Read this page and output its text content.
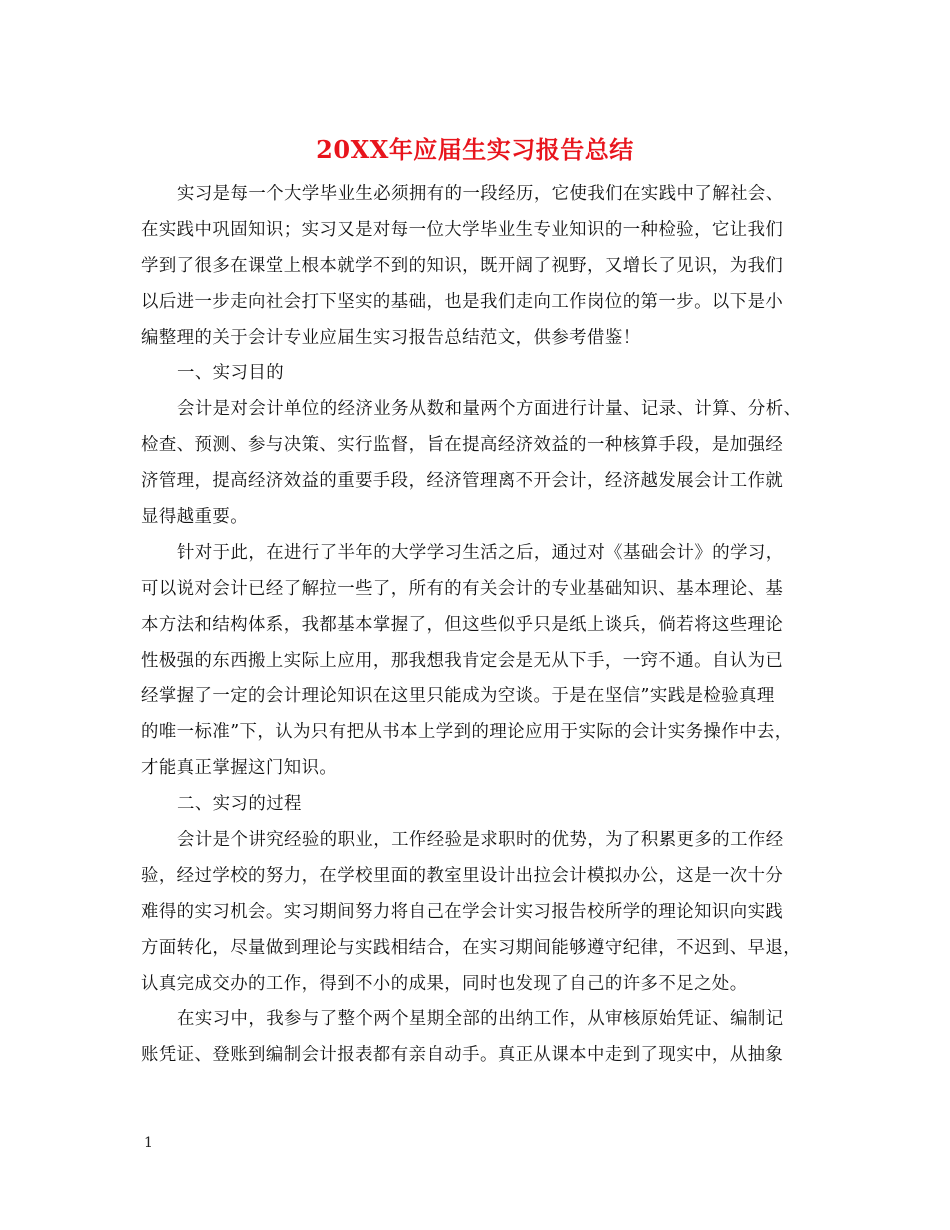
20XX年应届生实习报告总结
实习是每一个大学毕业生必须拥有的一段经历，它使我们在实践中了解社会、
在实践中巩固知识；实习又是对每一位大学毕业生专业知识的一种检验，它让我们
学到了很多在课堂上根本就学不到的知识，既开阔了视野，又增长了见识，为我们
以后进一步走向社会打下坚实的基础，也是我们走向工作岗位的第一步。以下是小
编整理的关于会计专业应届生实习报告总结范文，供参考借鉴！
一、实习目的
会计是对会计单位的经济业务从数和量两个方面进行计量、记录、计算、分析、
检查、预测、参与决策、实行监督，旨在提高经济效益的一种核算手段，是加强经
济管理，提高经济效益的重要手段，经济管理离不开会计，经济越发展会计工作就
显得越重要。
针对于此，在进行了半年的大学学习生活之后，通过对《基础会计》的学习，
可以说对会计已经了解拉一些了，所有的有关会计的专业基础知识、基本理论、基
本方法和结构体系，我都基本掌握了，但这些似乎只是纸上谈兵，倘若将这些理论
性极强的东西搬上实际上应用，那我想我肯定会是无从下手，一窍不通。自认为已
经掌握了一定的会计理论知识在这里只能成为空谈。于是在坚信”实践是检验真理
的唯一标准”下，认为只有把从书本上学到的理论应用于实际的会计实务操作中去，
才能真正掌握这门知识。
二、实习的过程
会计是个讲究经验的职业，工作经验是求职时的优势，为了积累更多的工作经
验，经过学校的努力，在学校里面的教室里设计出拉会计模拟办公，这是一次十分
难得的实习机会。实习期间努力将自己在学会计实习报告校所学的理论知识向实践
方面转化，尽量做到理论与实践相结合，在实习期间能够遵守纪律，不迟到、早退，
认真完成交办的工作，得到不小的成果，同时也发现了自己的许多不足之处。
在实习中，我参与了整个两个星期全部的出纳工作，从审核原始凭证、编制记
账凭证、登账到编制会计报表都有亲自动手。真正从课本中走到了现实中，从抽象
1
